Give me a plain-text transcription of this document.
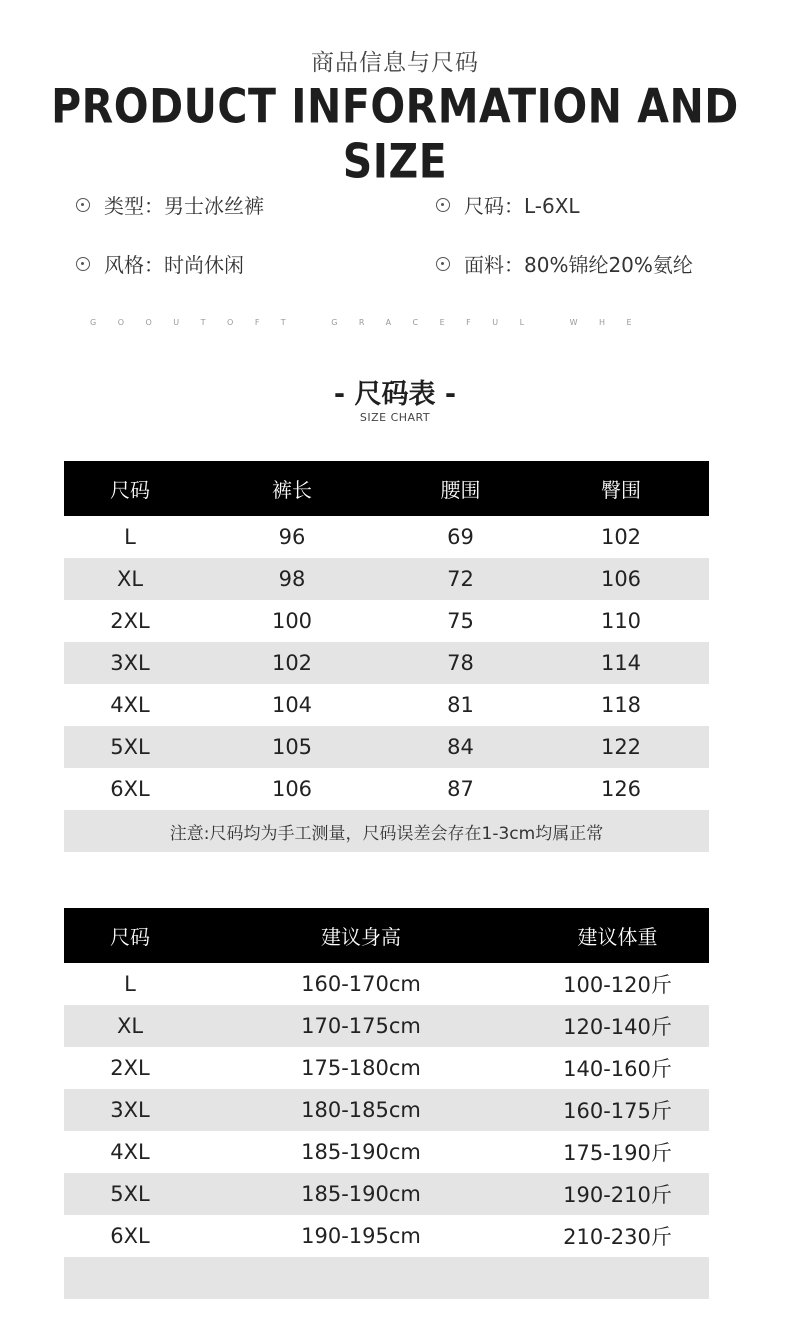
商品信息与尺码
PRODUCT INFORMATION AND SIZE
类型：男士冰丝裤	尺码：L-6XL
风格：时尚休闲	面料：80%锦纶20%氨纶
GOOUTOFT GRACEFUL WHE
- 尺码表 -
SIZE CHART
尺码	裤长	腰围	臀围
L	96	69	102
XL	98	72	106
2XL	100	75	110
3XL	102	78	114
4XL	104	81	118
5XL	105	84	122
6XL	106	87	126
注意:尺码均为手工测量，尺码误差会存在1-3cm均属正常			
尺码	建议身高	建议体重
L	160-170cm	100-120斤
XL	170-175cm	120-140斤
2XL	175-180cm	140-160斤
3XL	180-185cm	160-175斤
4XL	185-190cm	175-190斤
5XL	185-190cm	190-210斤
6XL	190-195cm	210-230斤
